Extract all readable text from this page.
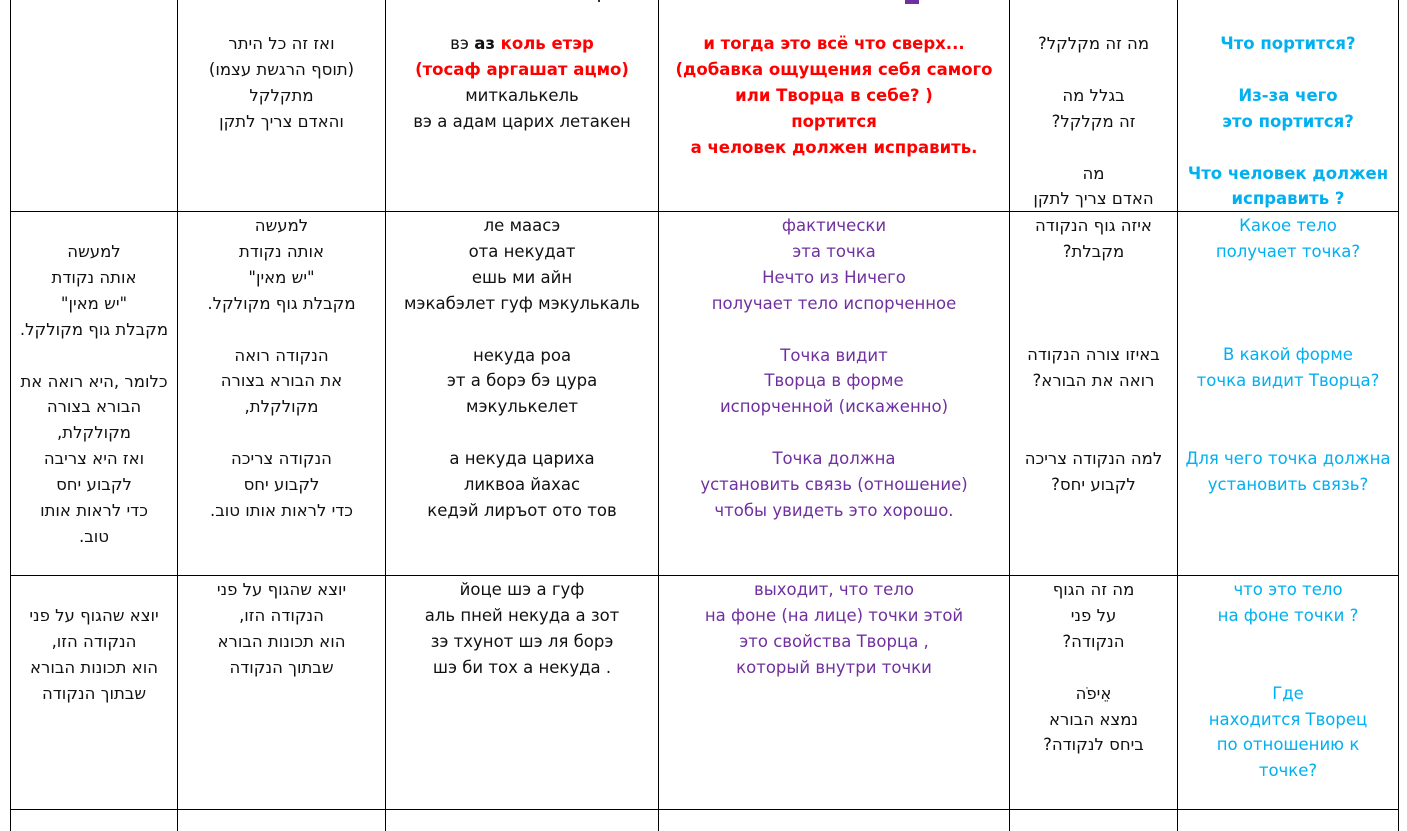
ואז זה כל היתר
(תוסף הרגשת עצמו)
מתקלקל
והאדם צריך לתקן
вэ аз коль етэр
(тосаф аргашат ацмо)
миткалькель
вэ а адам царих летакен
и тогда это всё что сверх...
(добавка ощущения себя самого
или Творца в себе? )
портится
а человек должен исправить.
מה זה מקלקל?
בגלל מה
זה מקלקל?
מה
האדם צריך לתקן
Что портится?
Из-за чего
это портится?
Что человек должен
исправить ?
למעשה
אותה נקודת
"יש מאין"
מקבלת גוף מקולקל.
כלומר ,היא רואה את
הבורא בצורה
מקולקלת,
ואז היא צריבה
לקבוע יחס
כדי לראות אותו
טוב.
למעשה
אותה נקודת
"יש מאין"
מקבלת גוף מקולקל.
הנקודה רואה
את הבורא בצורה
מקולקלת,
הנקודה צריכה
לקבוע יחס
כדי לראות אותו טוב.
ле маасэ
ота некудат
ешь ми айн
мэкабэлет гуф мэкулькаль
некуда роа
эт а борэ бэ цура
мэкулькелет
а некуда цариха
ликвоа йахас
кедэй лиръот ото тов
фактически
эта точка
Нечто из Ничего
получает тело испорченное
Точка видит
Творца в форме
испорченной (искаженно)
Точка должна
установить связь (отношение)
чтобы увидеть это хорошо.
איזה גוף הנקודה
מקבלת?
באיזו צורה הנקודה
רואה את הבורא?
למה הנקודה צריכה
לקבוע יחס?
Какое тело
получает точка?
В какой форме
точка видит Творца?
Для чего точка должна
установить связь?
יוצא שהגוף על פני
הנקודה הזו,
הוא תכונות הבורא
שבתוך הנקודה
יוצא שהגוף על פני
הנקודה הזו,
הוא תכונות הבורא
שבתוך הנקודה
йоце шэ а гуф
аль пней некуда а зот
зэ тхунот шэ ля борэ
шэ би тох а некуда .
выходит, что тело
на фоне (на лице) точки этой
это свойства Творца ,
который внутри точки
מה זה הגוף
על פני
הנקודה?
אֵיפֹה
נמצא הבורא
ביחס לנקודה?
что это тело
на фоне точки ?
Где
находится Творец
по отношению к
точке?
